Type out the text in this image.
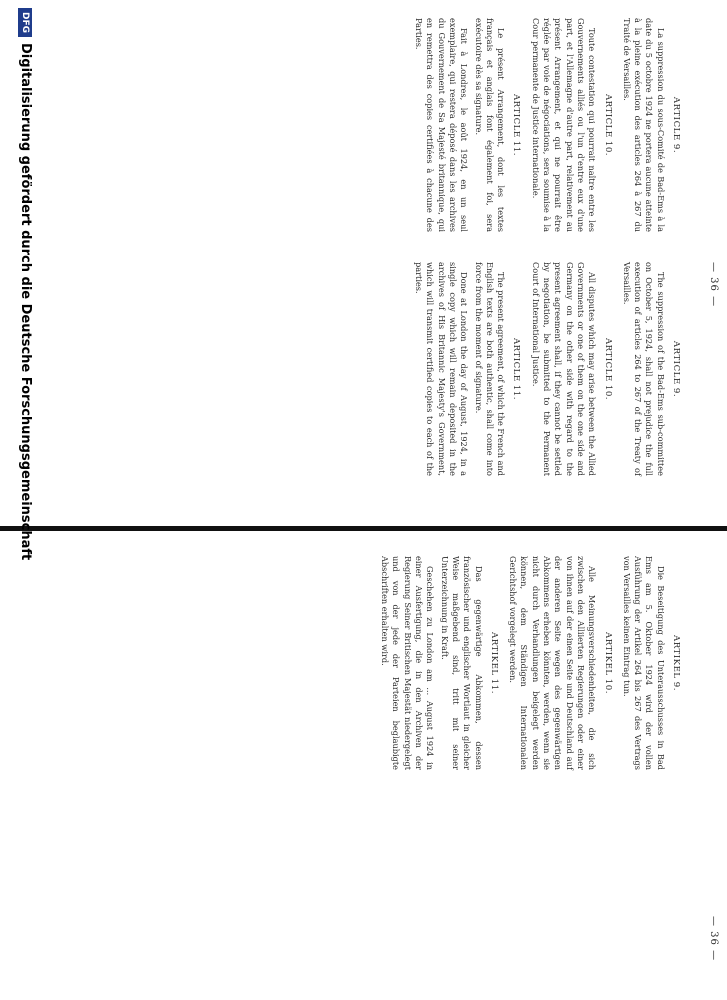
— 36 —
— 36 —
ARTICLE 9.

La suppression du sous-Comité de Bad-Ems à la date du 5 octobre 1924 ne portera aucune atteinte à la pleine exécution des articles 264 à 267 du Traité de Versailles.

ARTICLE 10.

Toute contestation qui pourrait naître entre les Gouvernements alliés ou l'un d'entre eux d'une part, et l'Allemagne d'autre part, relativement au présent Arrangement, et qui ne pourrait être réglée par voie de négociations, sera soumise à la Cour permanente de Justice internationale.

ARTICLE 11.

Le présent Arrangement, dont les textes français et anglais font également foi, sera exécutoire dès sa signature.

Fait à Londres, le août 1924, en un seul exemplaire, qui restera déposé dans les archives du Gouvernement de Sa Majesté britannique, qui en remettra des copies certifiées à chacune des Parties.

ARTICLE 9.

The suppression of the Bad-Ems sub-committee on October 5, 1924, shall not prejudice the full execution of articles 264 to 267 of the Treaty of Versailles.

ARTICLE 10.

All disputes which may arise between the Allied Governments or one of them on the one side and Germany on the other side with regard to the present agreement shall, if they cannot be settled by negotiation, be submitted to the Permanent Court of International Justice.

ARTICLE 11.

The present agreement, of which the French and English texts are both authentic, shall come into force from the moment of signature.

Done at London the day of August, 1924, in a single copy which will remain deposited in the archives of His Britannic Majesty's Government, which will transmit certified copies to each of the parties.

ARTIKEL 9.

Die Beseitigung des Unterausschusses in Bad Ems am 5. Oktober 1924 wird der vollen Ausführung der Artikel 264 bis 267 des Vertrags von Versailles keinen Eintrag tun.

ARTIKEL 10.

Alle Meinungsverschiedenheiten, die sich zwischen den Alliierten Regierungen oder einer von ihnen auf der einen Seite und Deutschland auf der anderen Seite wegen des gegenwärtigen Abkommens erheben könnten, werden, wenn sie nicht durch Verhandlungen beigelegt werden können, dem Ständigen Internationalen Gerichtshof vorgelegt werden.

ARTIKEL 11.

Das gegenwärtige Abkommen, dessen französischer und englischer Wortlaut in gleicher Weise maßgebend sind, tritt mit seiner Unterzeichnung in Kraft.

Geschehen zu London am ... August 1924 in einer Ausfertigung, die in den Archiven der Regierung Seiner Britischen Majestät niedergelegt und von der jede der Parteien beglaubigte Abschriften erhalten wird.

DFGDigitalisierung gefördert durch die Deutsche Forschungsgemeinschaft
